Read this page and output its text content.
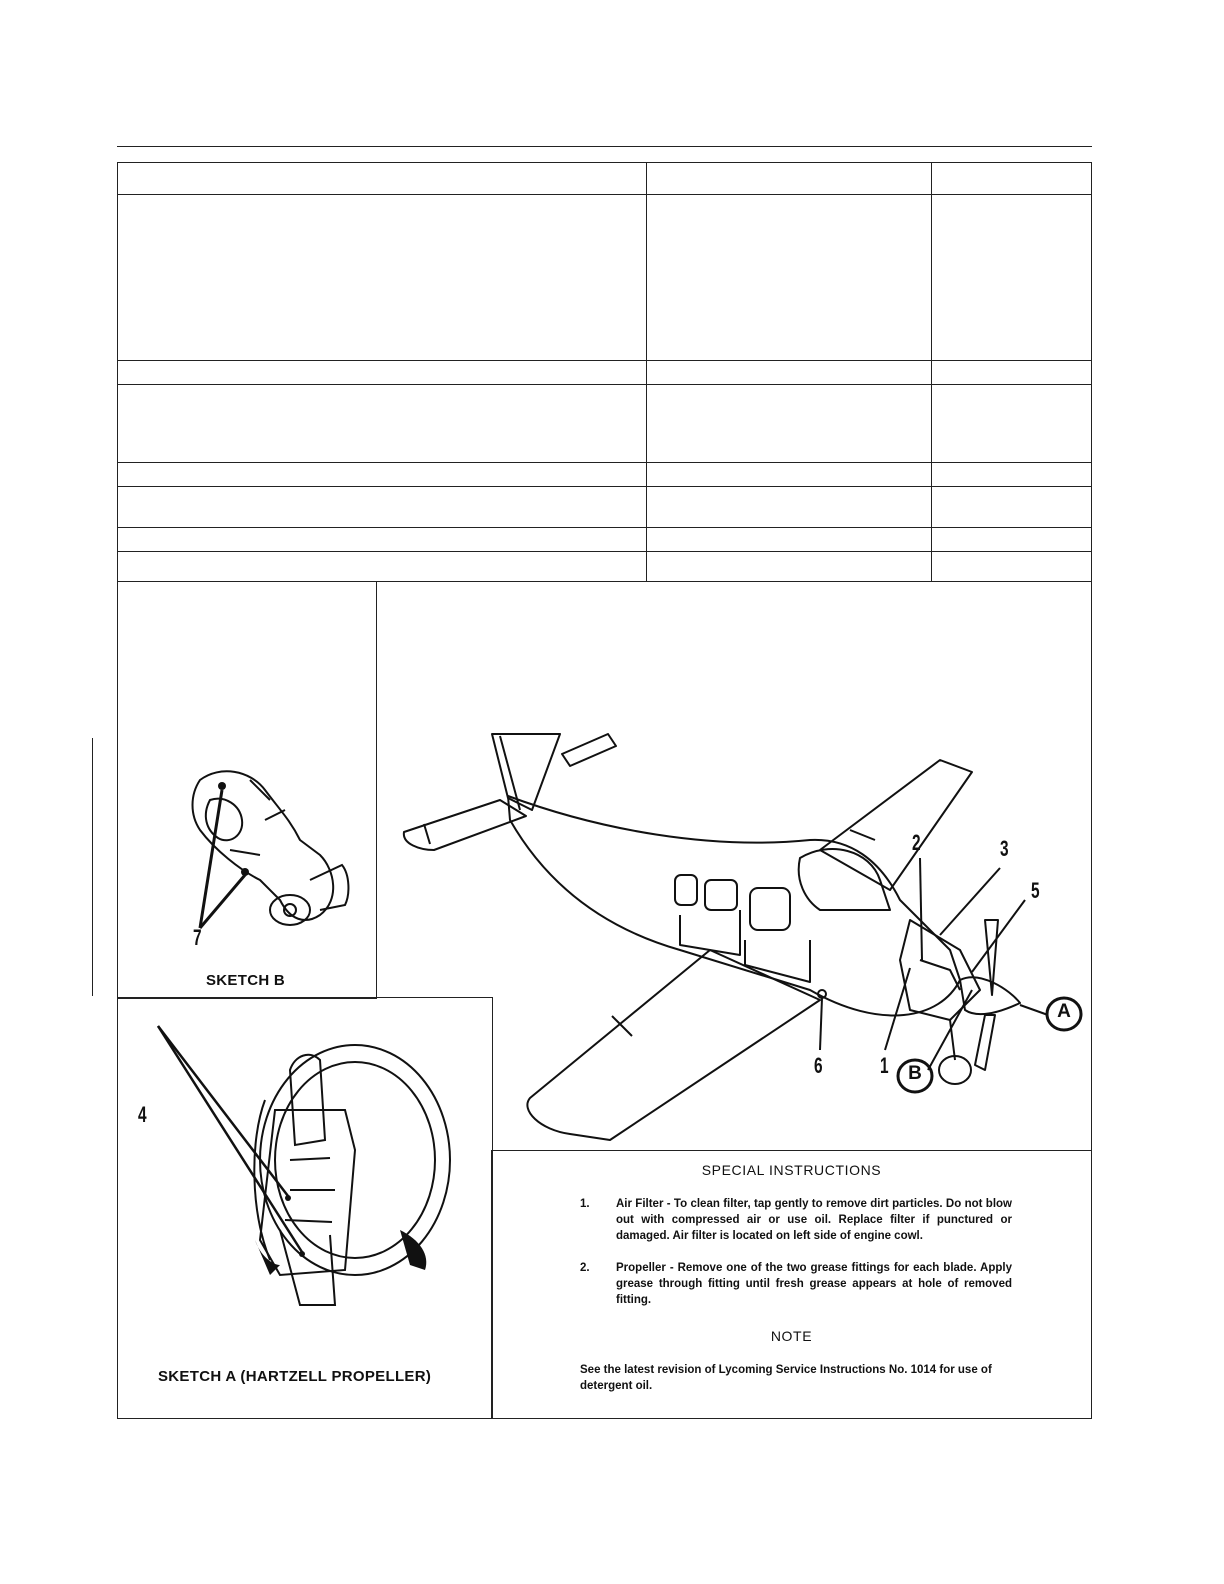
7
SKETCH B
4
SKETCH A (HARTZELL PROPELLER)
2	3
5
6	1
A
B
SPECIAL INSTRUCTIONS
1. Air Filter - To clean filter, tap gently to remove dirt particles. Do not blow out with compressed air or use oil. Replace filter if punctured or damaged. Air filter is located on left side of engine cowl.
2. Propeller - Remove one of the two grease fittings for each blade. Apply grease through fitting until fresh grease appears at hole of removed fitting.
NOTE
See the latest revision of Lycoming Service Instructions No. 1014 for use of detergent oil.
